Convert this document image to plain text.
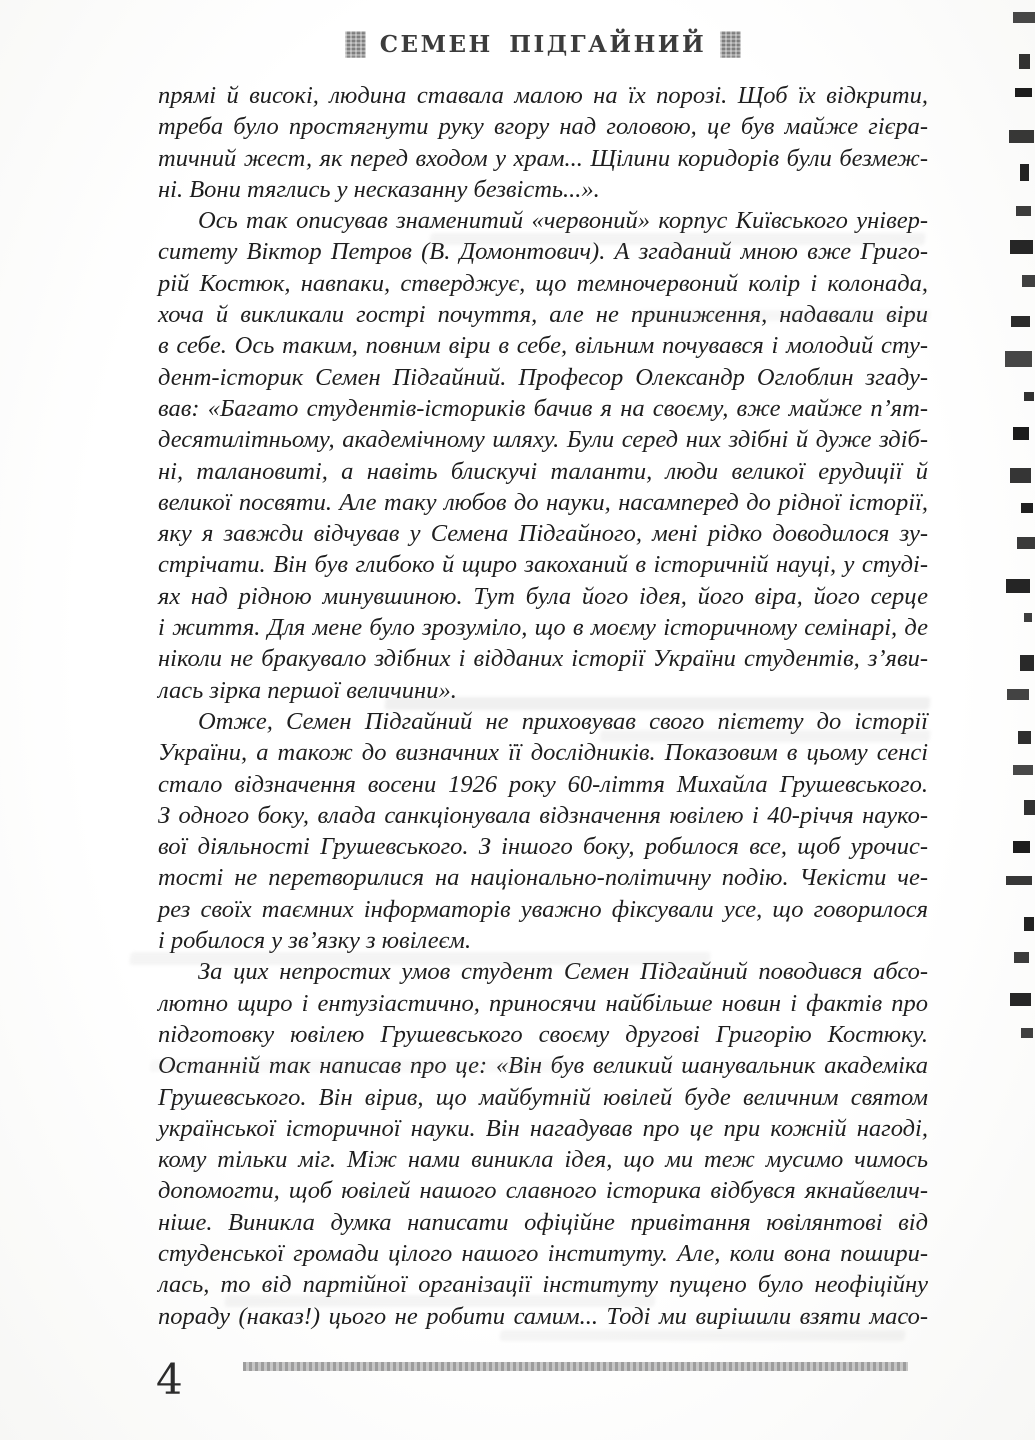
СЕМЕН ПІДГАЙНИЙ
прямі й високі, людина ставала малою на їх порозі. Щоб їх відкрити,
треба було простягнути руку вгору над головою, це був майже гієра-
тичний жест, як перед входом у храм... Щілини коридорів були безмеж-
ні. Вони тяглись у несказанну безвість...».
Ось так описував знаменитий «червоний» корпус Київського універ-
ситету Віктор Петров (В. Домонтович). А згаданий мною вже Григо-
рій Костюк, навпаки, стверджує, що темночервоний колір і колонада,
хоча й викликали гострі почуття, але не приниження, надавали віри
в себе. Ось таким, повним віри в себе, вільним почувався і молодий сту-
дент-історик Семен Підгайний. Професор Олександр Оглоблин згаду-
вав: «Багато студентів-істориків бачив я на своєму, вже майже п’ят-
десятилітньому, академічному шляху. Були серед них здібні й дуже здіб-
ні, талановиті, а навіть блискучі таланти, люди великої ерудиції й
великої посвяти. Але таку любов до науки, насамперед до рідної історії,
яку я завжди відчував у Семена Підгайного, мені рідко доводилося зу-
стрічати. Він був глибоко й щиро закоханий в історичній науці, у студі-
ях над рідною минувшиною. Тут була його ідея, його віра, його серце
і життя. Для мене було зрозуміло, що в моєму історичному семінарі, де
ніколи не бракувало здібних і відданих історії України студентів, з’яви-
лась зірка першої величини».
Отже, Семен Підгайний не приховував свого пієтету до історії
України, а також до визначних її дослідників. Показовим в цьому сенсі
стало відзначення восени 1926 року 60-ліття Михайла Грушевського.
З одного боку, влада санкціонувала відзначення ювілею і 40-річчя науко-
вої діяльності Грушевського. З іншого боку, робилося все, щоб урочис-
тості не перетворилися на національно-політичну подію. Чекісти че-
рез своїх таємних інформаторів уважно фіксували усе, що говорилося
і робилося у зв’язку з ювілеєм.
За цих непростих умов студент Семен Підгайний поводився абсо-
лютно щиро і ентузіастично, приносячи найбільше новин і фактів про
підготовку ювілею Грушевського своєму другові Григорію Костюку.
Останній так написав про це: «Він був великий шанувальник академіка
Грушевського. Він вірив, що майбутній ювілей буде величним святом
української історичної науки. Він нагадував про це при кожній нагоді,
кому тільки міг. Між нами виникла ідея, що ми теж мусимо чимось
допомогти, щоб ювілей нашого славного історика відбувся якнайвелич-
ніше. Виникла думка написати офіційне привітання ювілянтові від
студенської громади цілого нашого інституту. Але, коли вона пошири-
лась, то від партійної організації інституту пущено було неофіційну
пораду (наказ!) цього не робити самим... Тоді ми вирішили взяти масо-
4
